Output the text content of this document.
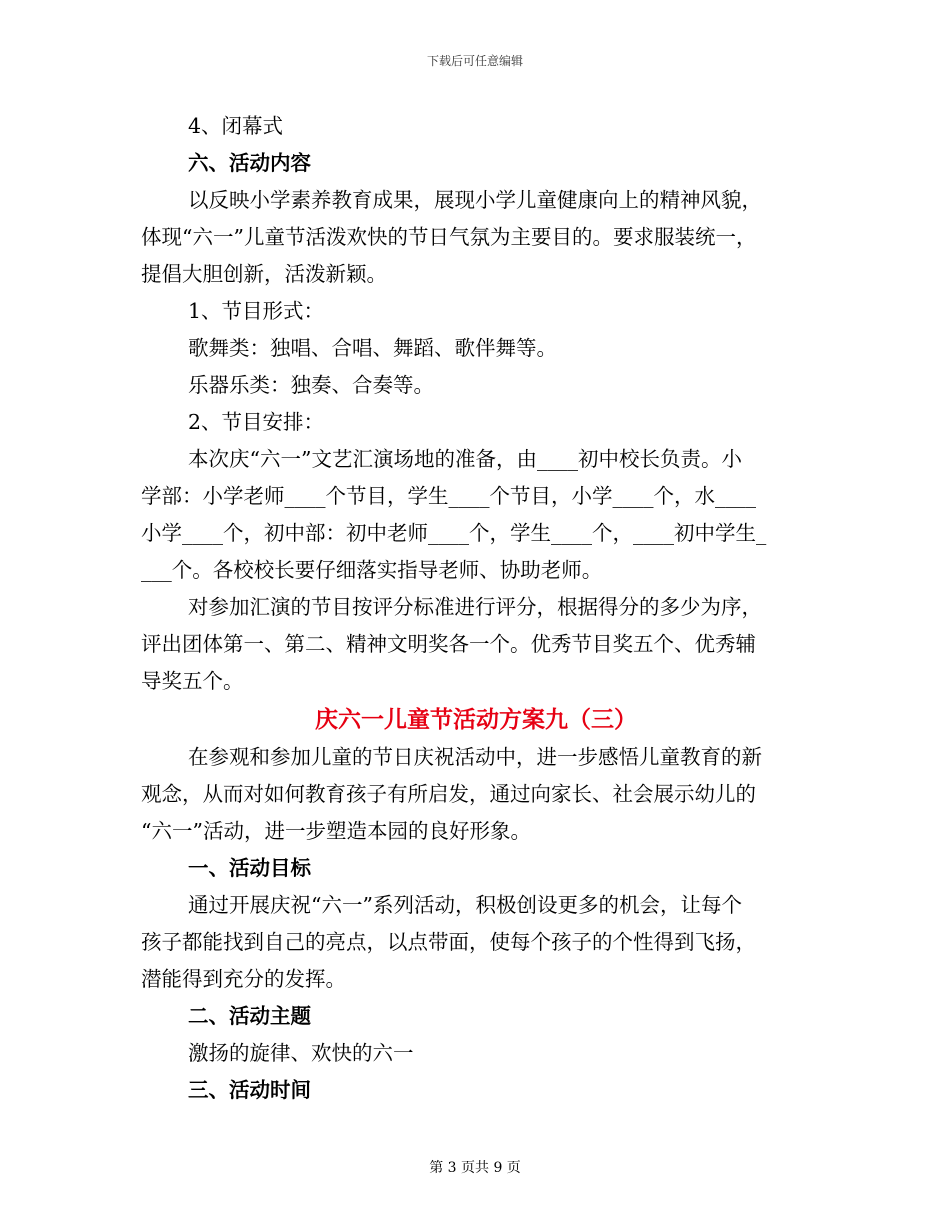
下载后可任意编辑
4、闭幕式
六、活动内容
以反映小学素养教育成果，展现小学儿童健康向上的精神风貌，
体现“六一”儿童节活泼欢快的节日气氛为主要目的。要求服装统一，
提倡大胆创新，活泼新颖。
1、节目形式：
歌舞类：独唱、合唱、舞蹈、歌伴舞等。
乐器乐类：独奏、合奏等。
2、节目安排：
本次庆“六一”文艺汇演场地的准备，由____初中校长负责。小
学部：小学老师____个节目，学生____个节目，小学____个，水____
小学____个，初中部：初中老师____个，学生____个，____初中学生_
___个。各校校长要仔细落实指导老师、协助老师。
对参加汇演的节目按评分标准进行评分，根据得分的多少为序，
评出团体第一、第二、精神文明奖各一个。优秀节目奖五个、优秀辅
导奖五个。
庆六一儿童节活动方案九（三）
在参观和参加儿童的节日庆祝活动中，进一步感悟儿童教育的新
观念，从而对如何教育孩子有所启发，通过向家长、社会展示幼儿的
“六一”活动，进一步塑造本园的良好形象。
一、活动目标
通过开展庆祝“六一”系列活动，积极创设更多的机会，让每个
孩子都能找到自己的亮点，以点带面，使每个孩子的个性得到飞扬，
潜能得到充分的发挥。
二、活动主题
激扬的旋律、欢快的六一
三、活动时间
第 3 页共 9 页
